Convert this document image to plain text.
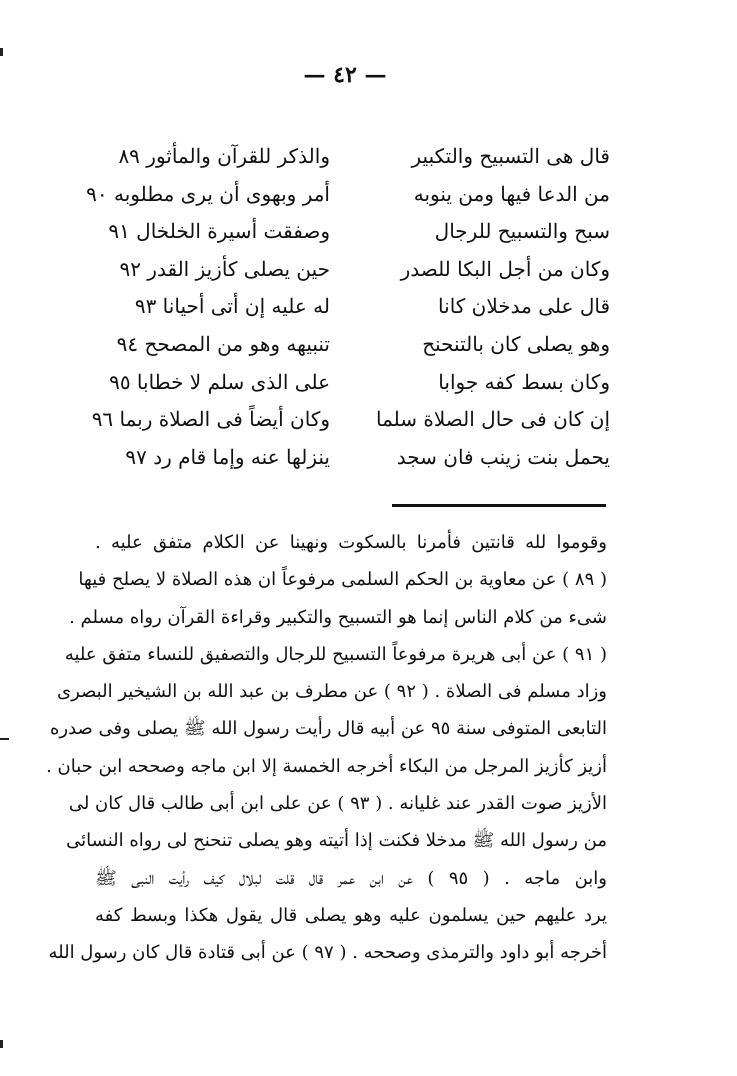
— ٤٢ —
قال هى التسبيح والتكبير
والذكر للقرآن والمأثور ٨٩
من الدعا فيها ومن ينوبه
أمر وبهوى أن يرى مطلوبه ٩٠
سبح والتسبيح للرجال
وصفقت أسيرة الخلخال ٩١
وكان من أجل البكا للصدر
حين يصلى كأزيز القدر ٩٢
قال على مدخلان كانا
له عليه إن أتى أحيانا ٩٣
وهو يصلى كان بالتنحنح
تنبيهه وهو من المصحح ٩٤
وكان بسط كفه جوابا
على الذى سلم لا خطابا ٩٥
إن كان فى حال الصلاة سلما
وكان أيضاً فى الصلاة ربما ٩٦
يحمل بنت زينب فان سجد
ينزلها عنه وإما قام رد ٩٧
وقوموا لله قانتين فأمرنا بالسكوت ونهينا عن الكلام متفق عليه .
( ٨٩ ) عن معاوية بن الحكم السلمى مرفوعاً ان هذه الصلاة لا يصلح فيها
شىء من كلام الناس إنما هو التسبيح والتكبير وقراءة القرآن رواه مسلم .
( ٩١ ) عن أبى هريرة مرفوعاً التسبيح للرجال والتصفيق للنساء متفق عليه
وزاد مسلم فى الصلاة . ( ٩٢ ) عن مطرف بن عبد الله بن الشيخير البصرى
التابعى المتوفى سنة ٩٥ عن أبيه قال رأيت رسول الله ﷺ يصلى وفى صدره
أزيز كأزيز المرجل من البكاء أخرجه الخمسة إلا ابن ماجه وصححه ابن حبان .
الأزيز صوت القدر عند غليانه . ( ٩٣ ) عن على ابن أبى طالب قال كان لى
من رسول الله ﷺ مدخلا فكنت إذا أتيته وهو يصلى تنحنح لى رواه النسائى
وابن ماجه . ( ٩٥ ) عن ابن عمر قال قلت لبلال كيف رأيت النبى ﷺ
يرد عليهم حين يسلمون عليه وهو يصلى قال يقول هكذا وبسط كفه
أخرجه أبو داود والترمذى وصححه . ( ٩٧ ) عن أبى قتادة قال كان رسول الله
